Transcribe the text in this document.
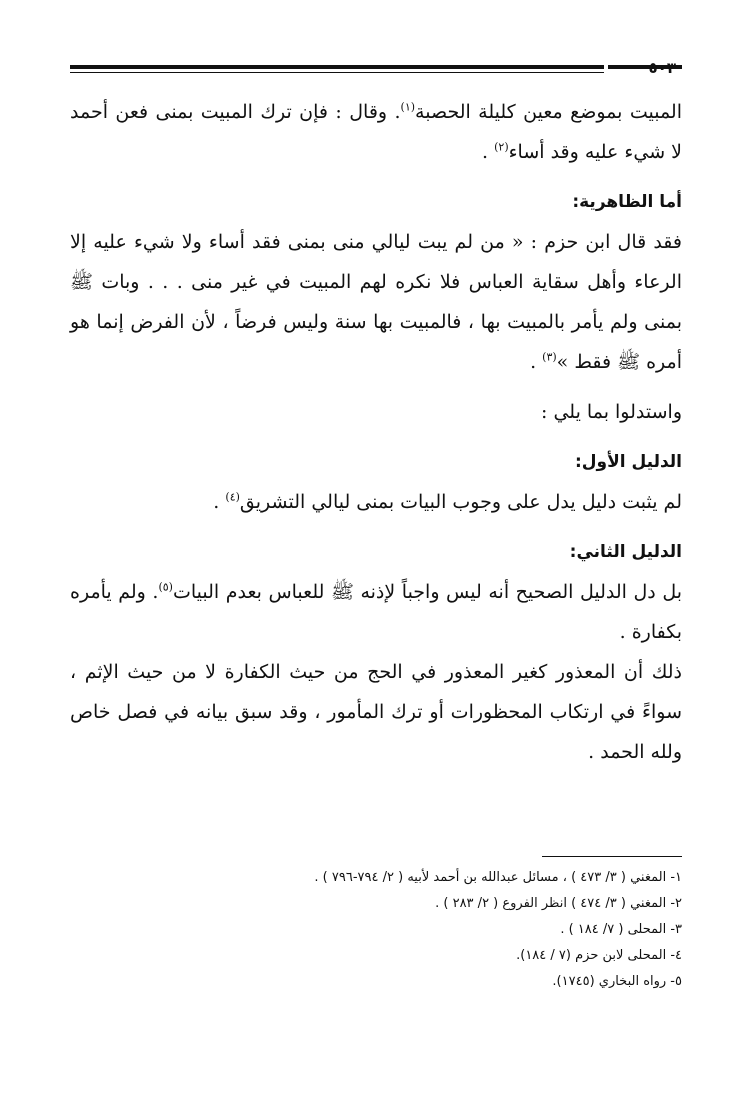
٥٠٣

المبيت بموضع معين كليلة الحصبة$^{(١)}$. وقال : فإن ترك المبيت بمنى فعن أحمد لا شيء عليه وقد أساء$^{(٢)}$ .

أما الظاهرية:

فقد قال ابن حزم : « من لم يبت ليالي منى بمنى فقد أساء ولا شيء عليه إلا الرعاء وأهل سقاية العباس فلا نكره لهم المبيت في غير منى . . . وبات ﷺ بمنى ولم يأمر بالمبيت بها ، فالمبيت بها سنة وليس فرضاً ، لأن الفرض إنما هو أمره ﷺ فقط »$^{(٣)}$ .

واستدلوا بما يلي :

الدليل الأول:

لم يثبت دليل يدل على وجوب البيات بمنى ليالي التشريق$^{(٤)}$ .

الدليل الثاني:

بل دل الدليل الصحيح أنه ليس واجباً لإذنه ﷺ للعباس بعدم البيات$^{(٥)}$. ولم يأمره بكفارة .

ذلك أن المعذور كغير المعذور في الحج من حيث الكفارة لا من حيث الإثم ، سواءً في ارتكاب المحظورات أو ترك المأمور ، وقد سبق بيانه في فصل خاص ولله الحمد .

١- المغني ( ٣/ ٤٧٣ ) ، مسائل عبدالله بن أحمد لأبيه ( ٢/ ٧٩٤-٧٩٦ ) .

٢- المغني ( ٣/ ٤٧٤ ) انظر الفروع ( ٢/ ٢٨٣ ) .

٣- المحلى ( ٧/ ١٨٤ ) .

٤- المحلى لابن حزم (٧ / ١٨٤).

٥- رواه البخاري (١٧٤٥).
